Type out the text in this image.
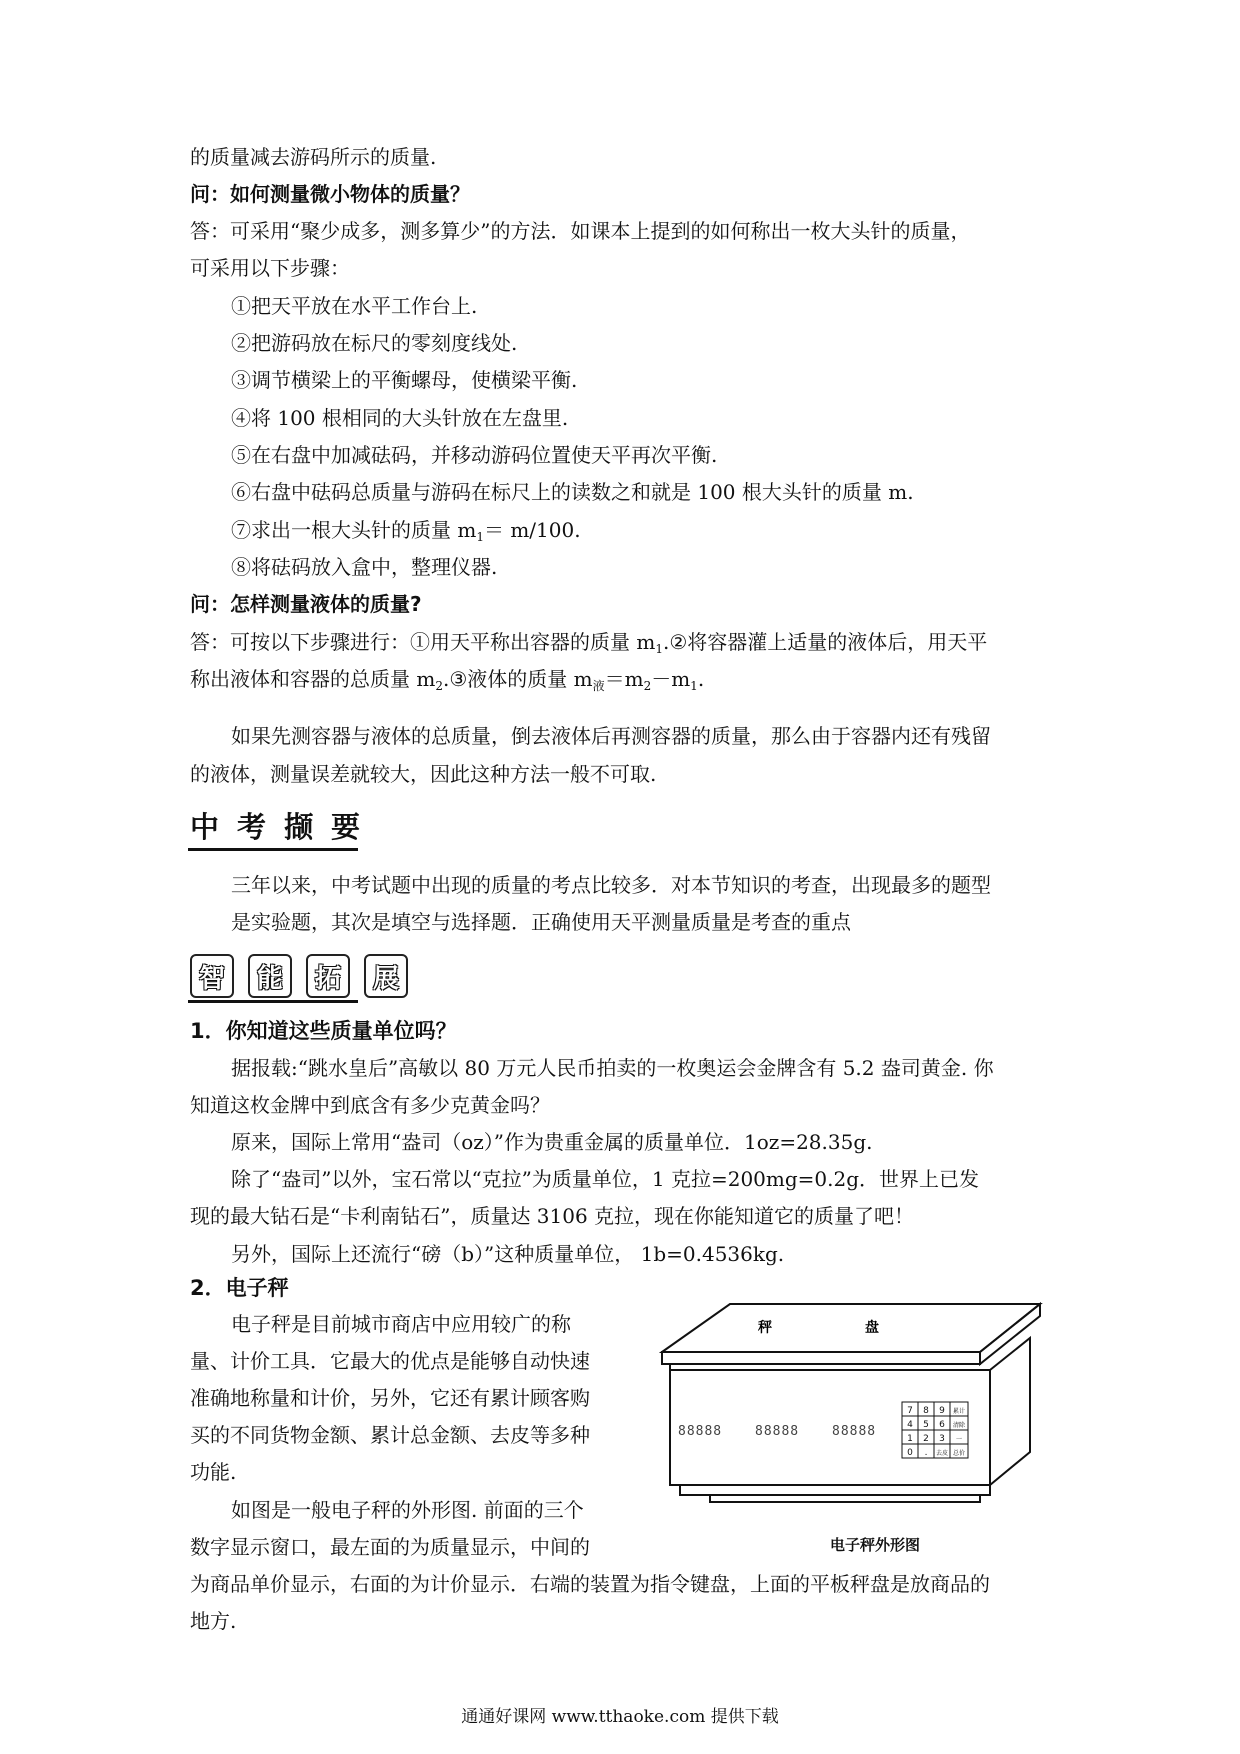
的质量减去游码所示的质量.
问：如何测量微小物体的质量？
答：可采用“聚少成多，测多算少”的方法．如课本上提到的如何称出一枚大头针的质量，
可采用以下步骤：
①把天平放在水平工作台上.
②把游码放在标尺的零刻度线处.
③调节横梁上的平衡螺母，使横梁平衡.
④将 100 根相同的大头针放在左盘里.
⑤在右盘中加减砝码，并移动游码位置使天平再次平衡.
⑥右盘中砝码总质量与游码在标尺上的读数之和就是 100 根大头针的质量 m.
⑦求出一根大头针的质量 $m_1= m/100$.
⑧将砝码放入盒中，整理仪器.
问：怎样测量液体的质量?
答：可按以下步骤进行：①用天平称出容器的质量 $m_1.②$将容器灌上适量的液体后，用天平
称出液体和容器的总质量 $m_2.③$液体的质量 $m_液=m_2-m_1$.
如果先测容器与液体的总质量，倒去液体后再测容器的质量，那么由于容器内还有残留
的液体，测量误差就较大，因此这种方法一般不可取.
中考撷要
三年以来，中考试题中出现的质量的考点比较多．对本节知识的考查，出现最多的题型
是实验题，其次是填空与选择题．正确使用天平测量质量是考查的重点
智	能	拓	展
1．你知道这些质量单位吗？
据报载:“跳水皇后”高敏以 80 万元人民币拍卖的一枚奥运会金牌含有 5.2 盎司黄金. 你
知道这枚金牌中到底含有多少克黄金吗？
原来，国际上常用“盎司（oz）”作为贵重金属的质量单位．1oz=28.35g.
除了“盎司”以外，宝石常以“克拉”为质量单位，1 克拉=200mg=0.2g．世界上已发
现的最大钻石是“卡利南钻石”，质量达 3106 克拉，现在你能知道它的质量了吧！
另外，国际上还流行“磅（b）”这种质量单位， 1b=0.4536kg.
2．电子秤
电子秤是目前城市商店中应用较广的称
量、计价工具．它最大的优点是能够自动快速
准确地称量和计价，另外，它还有累计顾客购
买的不同货物金额、累计总金额、去皮等多种
功能.
如图是一般电子秤的外形图. 前面的三个
数字显示窗口，最左面的为质量显示，中间的
为商品单价显示，右面的为计价显示．右端的装置为指令键盘，上面的平板秤盘是放商品的
地方.
秤	盘
88888	88888	88888
7 8 9 累计
4 5 6 清除
1 2 3 一
0 . 去皮 总价
电子秤外形图
通通好课网 www.tthaoke.com 提供下载
